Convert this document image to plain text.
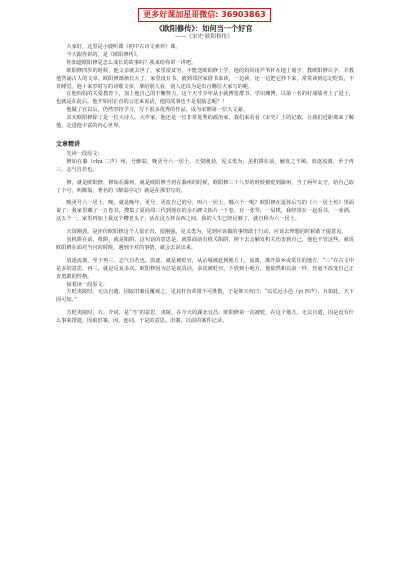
更多好课加星哥微信: 36903863
《欧阳修传》：如何当一个好官
——《宋史·欧阳修传》

大家好，这里是小鹿听课《初中古诗文素养》课。

今天跟你讲的，是《欧阳修传》。

你知道欧阳修是怎么成长的故事吗？我来给你讲一讲吧。

欧阳修四岁的时候，他父亲就去世了，家里很贫穷，不能送欧阳修上学。他的妈妈用芦苇秆在地上划字，教欧阳修认字，并教他背诵古人的文章。欧阳修渐渐长大了，家里没有书，就到邻居家借书来读，一边读，还一边把它抄下来，常常读到忘记吃饭，不肯睡觉。他十来岁时写的诗歌文章，拿给别人看，别人还以为是出自哪位大家写的呢。

在他妈妈的关爱教育下，加上他自己的不懈努力，这个天才少年从小就博览群书，学识渊博，以第一名的好成绩考上了进士，也就是在此后，他开始用正直的言论来说话，他的故事也不是很励志呢？！

他做了官以后，仍然坚持学习，写下很多优秀的作品，成为宋朝第一位大文豪。

其实欧阳修除了是一位大诗人、大作家，他还是一位非常优秀的政治家。我们来看看《宋史》上的记载，让我们近距离来了解他，走进他丰富的内心世界。

文章精讲

先读一段原文：

修始在滁（chu 二声）州，号醉翁，晚更号六一居士。天资刚劲，见义勇为，虽机阱在前，触发之不顾。放逐流离，至于再三，志气自若也。

修，就是欧阳修，修始在滁州，就是欧阳修当初在滁州的时候，欧阳修三十八岁的时候被贬到滁州，当了两年太守，给自己取了个号，叫醉翁，著名的《醉翁亭记》就是在那里写的。

晚更号六一居士，晚，就是晚年，更号，更改自己的号，叫六一居士。哪六个一呢？欧阳修在退休后写的《六一居士传》里面说了：我家里藏了一万卷书，搜集了夏商周三代到现在的金石碑文拓片一千卷，有一张琴，一局棋，我经常在一起看书，一壶酒，这五个一，家里再加上我这个糟老头子，活在这五样东西之间，我的人生已经足够了，就自称为六一居士。

天资刚劲，是评价欧阳修这个人很正直、很刚强。见义勇为，见到应该做的事情敢于行动，应该去理想的时候敢于提意见。

虽机阱在前，机阱，就是陷阱，这句话的意思是，就算面前有机关陷阱，摔下去会触发机关伤害到自己，他也不管这些。就说欧阳修在面对当官的时候，遇到不对的事情，就会去说出来。

放逐流离，至于再三，志气自若也。放逐，就是被贬官，从京城被赶到地方上，流离，离开故乡或常住的地方，“三”在古文中是多的意思，再三，就是反复多次。欧阳修因为总是说真话，多次被贬官，下放到小地方，他依然和以前一样，丝毫不改变自己正直勇敢的性格。

接着读一段原文：

方贬夷陵时，无以自遣，因取旧案反覆观之，见其枉直乖错不可胜数，于是仰天叹曰：“以荒远小邑（yi 四声），且如此，天下固可知。”

方贬夷陵时，方，介词，是“当”的意思，夷陵，在今天的湖北宜昌，欧阳修第一次被贬，在这个地方。无以自遣，因是没有什么事来排遣，因取旧案，因，连词，于是的意思，旧案，以前的案件记录。
